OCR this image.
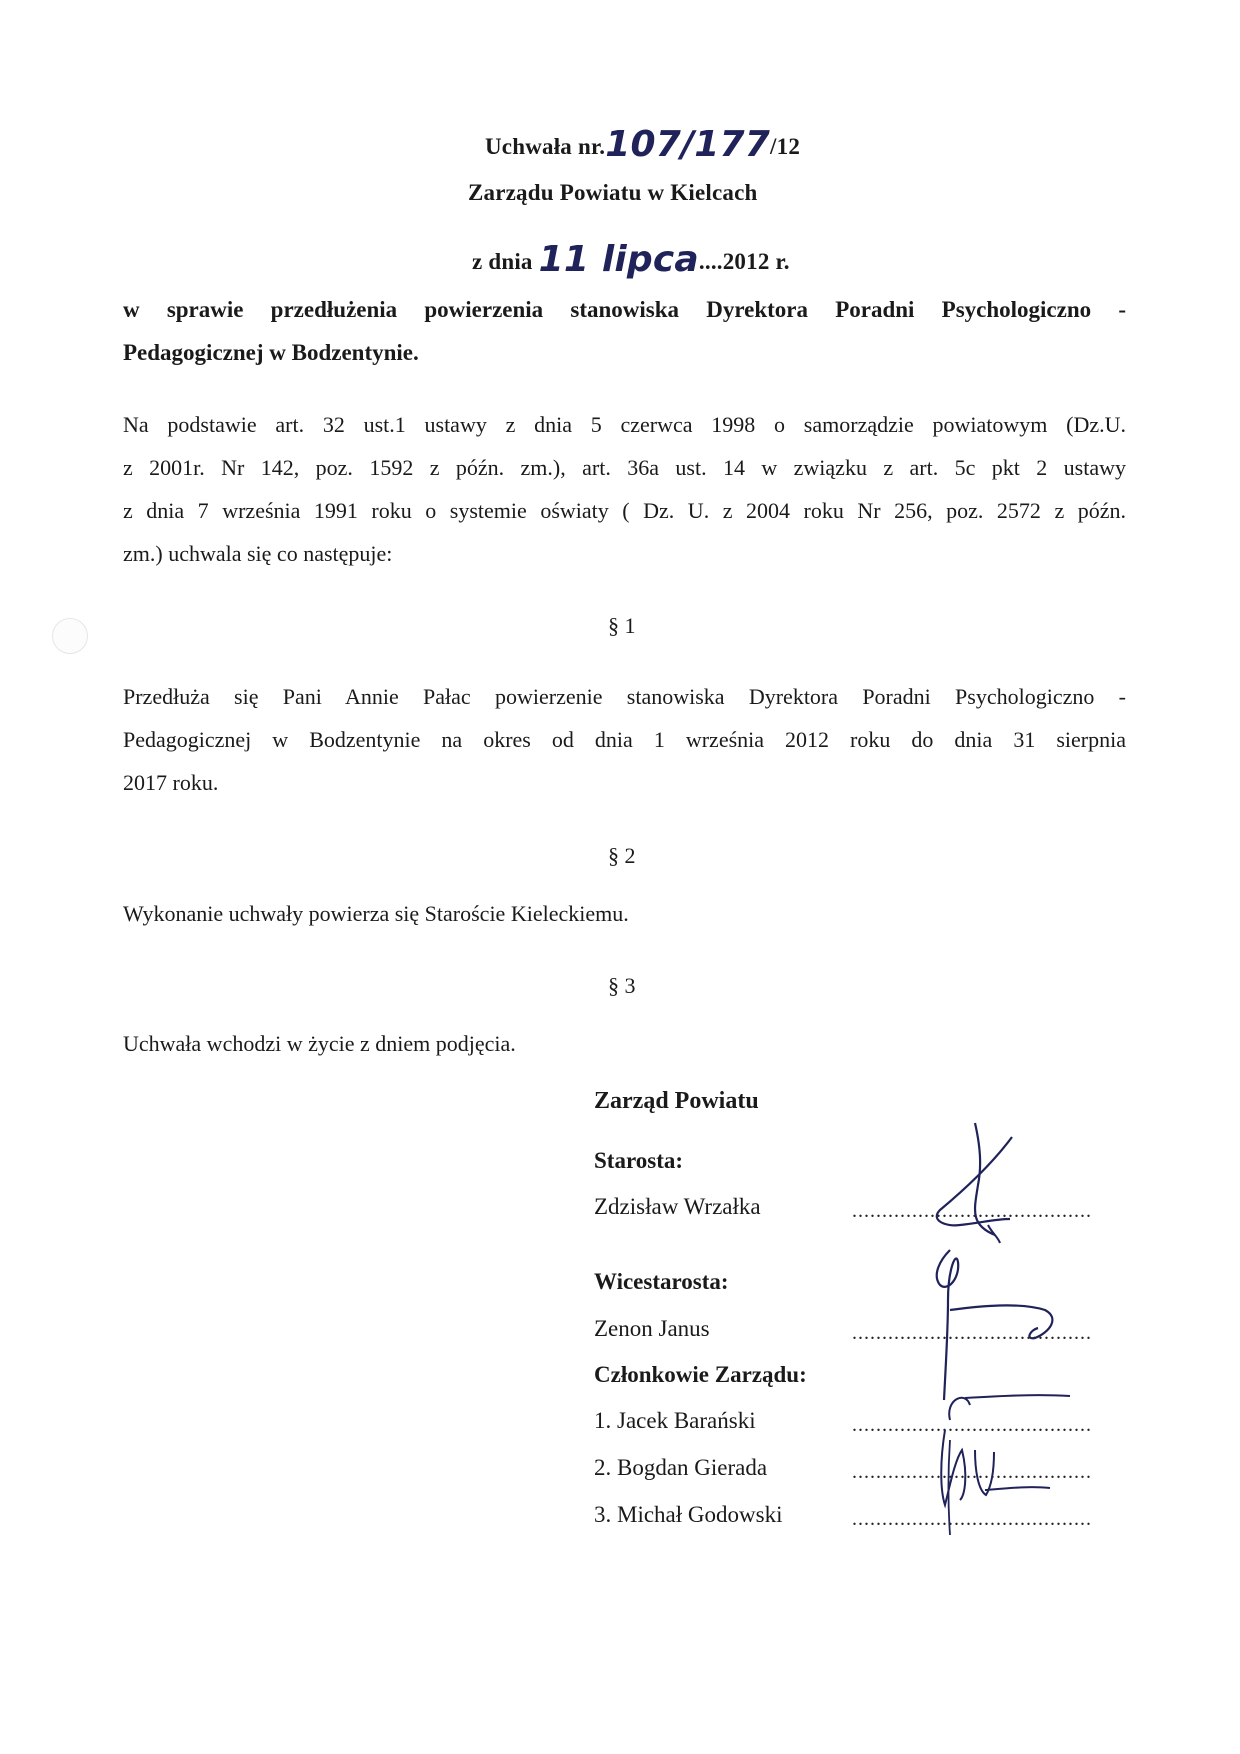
Uchwała nr.107/177/12
Zarządu Powiatu w Kielcach
z dnia 11 lipca....2012 r.
w sprawie przedłużenia powierzenia stanowiska Dyrektora Poradni Psychologiczno -
Pedagogicznej w Bodzentynie.
Na podstawie art. 32 ust.1 ustawy z dnia 5 czerwca 1998 o samorządzie powiatowym (Dz.U.
z 2001r. Nr 142, poz. 1592 z późn. zm.), art. 36a ust. 14 w związku z art. 5c pkt 2 ustawy
z dnia 7 września 1991 roku o systemie oświaty ( Dz. U. z 2004 roku Nr 256, poz. 2572 z późn.
zm.) uchwala się co następuje:
§ 1
Przedłuża się Pani Annie Pałac powierzenie stanowiska Dyrektora Poradni Psychologiczno -
Pedagogicznej w Bodzentynie na okres od dnia 1 września 2012 roku do dnia 31 sierpnia
2017 roku.
§ 2
Wykonanie uchwały powierza się Staroście Kieleckiemu.
§ 3
Uchwała wchodzi w życie z dniem podjęcia.
Zarząd Powiatu
Starosta:
Zdzisław Wrzałka	........................................
Wicestarosta:
Zenon Janus	........................................
Członkowie Zarządu:
1. Jacek Barański	........................................
2. Bogdan Gierada	........................................
3. Michał Godowski	........................................
